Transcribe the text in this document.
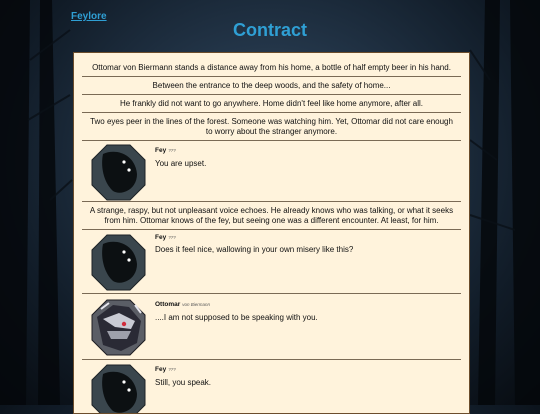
Feylore
Contract
Ottomar von Biermann stands a distance away from his home, a bottle of half empty beer in his hand.
Between the entrance to the deep woods, and the safety of home...
He frankly did not want to go anywhere. Home didn't feel like home anymore, after all.
Two eyes peer in the lines of the forest. Someone was watching him. Yet, Ottomar did not care enough to worry about the stranger anymore.
Fey ???
You are upset.
A strange, raspy, but not unpleasant voice echoes. He already knows who was talking, or what it seeks from him. Ottomar knows of the fey, but seeing one was a different encounter. At least, for him.
Fey ???
Does it feel nice, wallowing in your own misery like this?
Ottomar von Biermann
....I am not supposed to be speaking with you.
Fey ???
Still, you speak.
